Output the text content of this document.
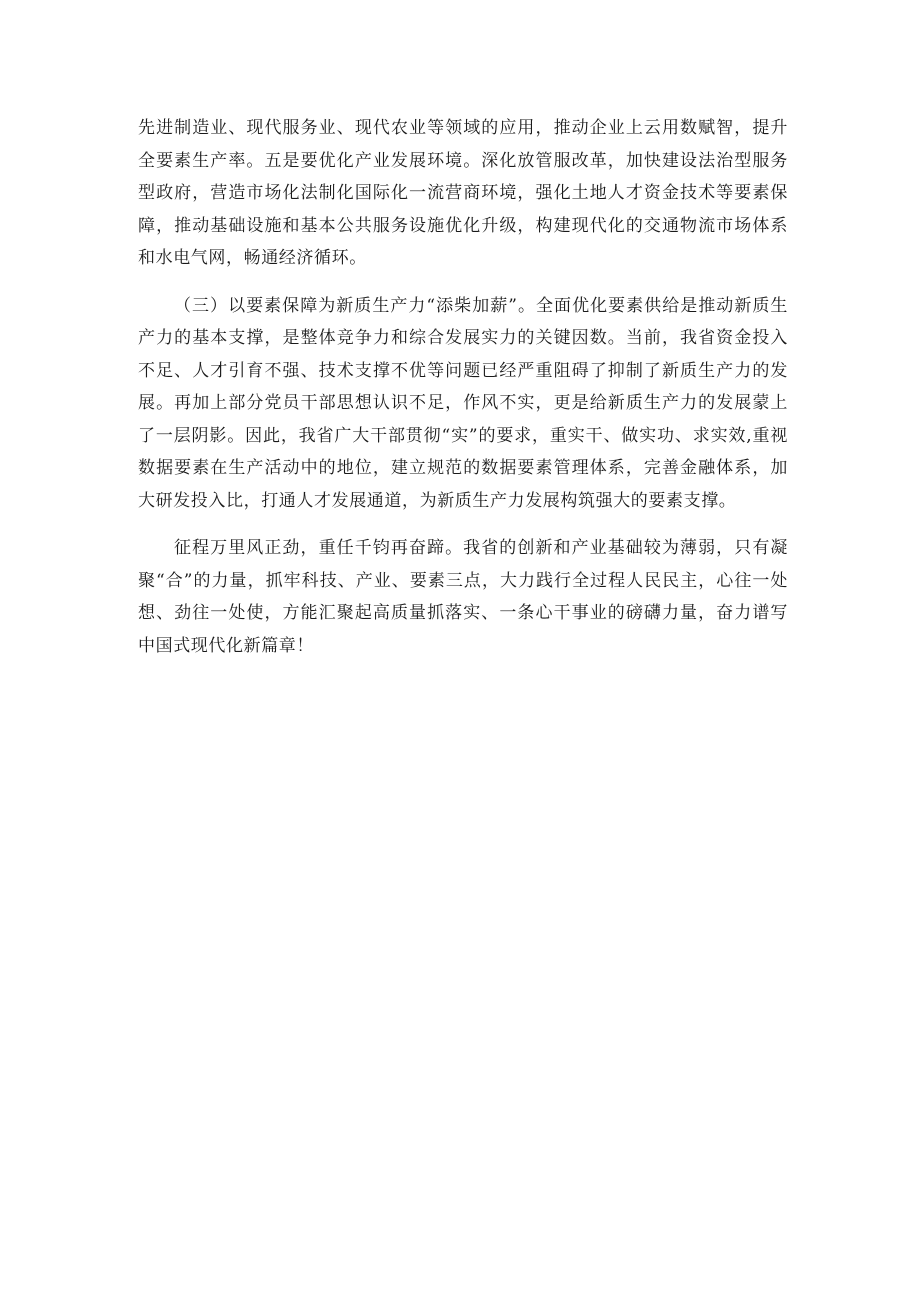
先进制造业、现代服务业、现代农业等领域的应用，推动企业上云用数赋智，提升全要素生产率。五是要优化产业发展环境。深化放管服改革，加快建设法治型服务型政府，营造市场化法制化国际化一流营商环境，强化土地人才资金技术等要素保障，推动基础设施和基本公共服务设施优化升级，构建现代化的交通物流市场体系和水电气网，畅通经济循环。

（三）以要素保障为新质生产力“添柴加薪”。全面优化要素供给是推动新质生产力的基本支撑，是整体竞争力和综合发展实力的关键因数。当前，我省资金投入不足、人才引育不强、技术支撑不优等问题已经严重阻碍了抑制了新质生产力的发展。再加上部分党员干部思想认识不足，作风不实，更是给新质生产力的发展蒙上了一层阴影。因此，我省广大干部贯彻“实”的要求，重实干、做实功、求实效,重视数据要素在生产活动中的地位，建立规范的数据要素管理体系，完善金融体系，加大研发投入比，打通人才发展通道，为新质生产力发展构筑强大的要素支撑。

征程万里风正劲，重任千钧再奋蹄。我省的创新和产业基础较为薄弱，只有凝聚“合”的力量，抓牢科技、产业、要素三点，大力践行全过程人民民主，心往一处想、劲往一处使，方能汇聚起高质量抓落实、一条心干事业的磅礴力量，奋力谱写中国式现代化新篇章！
